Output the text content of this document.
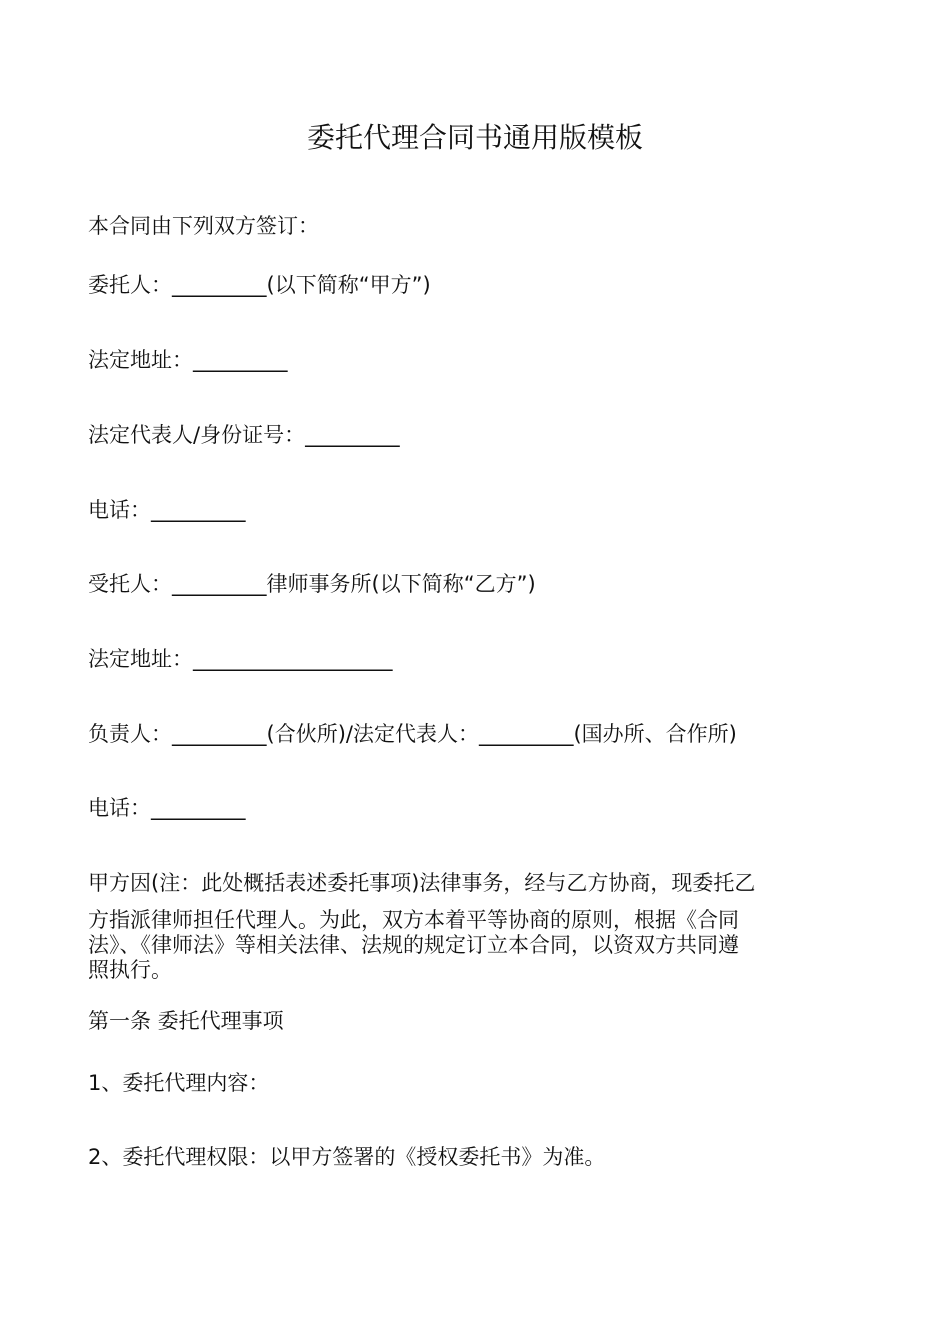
委托代理合同书通用版模板
本合同由下列双方签订：
委托人：_________(以下简称“甲方”)
法定地址：_________
法定代表人/身份证号：_________
电话：_________
受托人：_________律师事务所(以下简称“乙方”)
法定地址：___________________
负责人：_________(合伙所)/法定代表人：_________(国办所、合作所)
电话：_________
甲方因(注：此处概括表述委托事项)法律事务，经与乙方协商，现委托乙
方指派律师担任代理人。为此，双方本着平等协商的原则，根据《合同
法》、《律师法》等相关法律、法规的规定订立本合同，以资双方共同遵
照执行。
第一条 委托代理事项
1、委托代理内容：
2、委托代理权限：以甲方签署的《授权委托书》为准。
